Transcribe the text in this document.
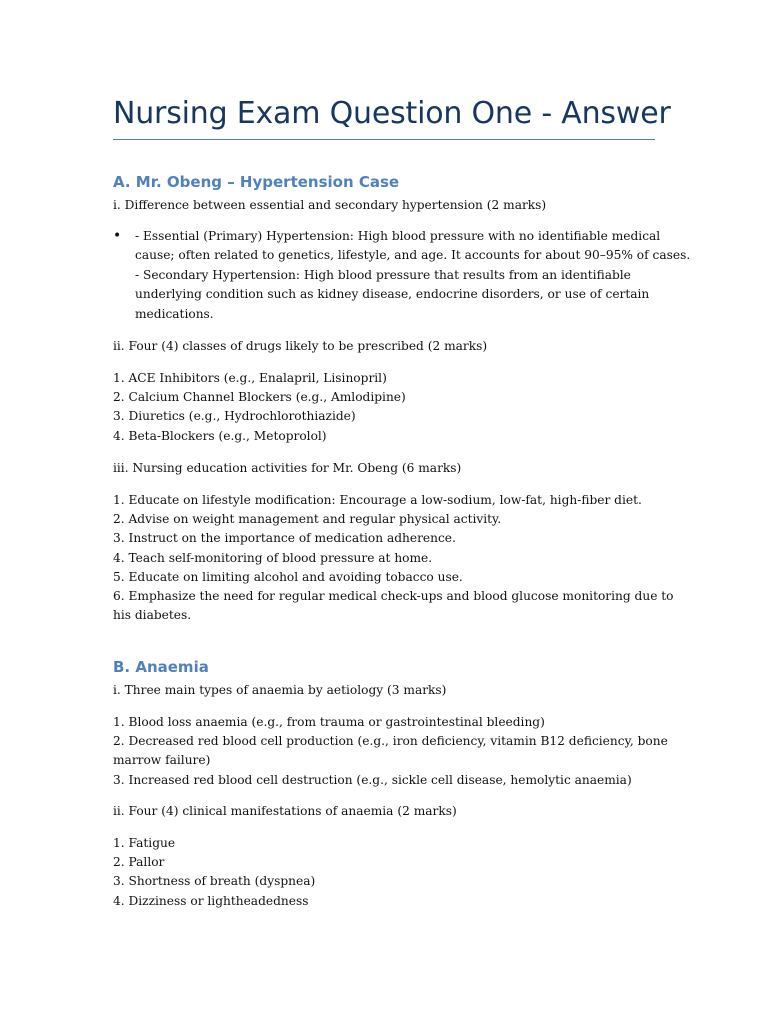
Nursing Exam Question One - Answer
A. Mr. Obeng – Hypertension Case
i. Difference between essential and secondary hypertension (2 marks)
• - Essential (Primary) Hypertension: High blood pressure with no identifiable medical
cause; often related to genetics, lifestyle, and age. It accounts for about 90–95% of cases.
- Secondary Hypertension: High blood pressure that results from an identifiable
underlying condition such as kidney disease, endocrine disorders, or use of certain
medications.
ii. Four (4) classes of drugs likely to be prescribed (2 marks)
1. ACE Inhibitors (e.g., Enalapril, Lisinopril)
2. Calcium Channel Blockers (e.g., Amlodipine)
3. Diuretics (e.g., Hydrochlorothiazide)
4. Beta-Blockers (e.g., Metoprolol)
iii. Nursing education activities for Mr. Obeng (6 marks)
1. Educate on lifestyle modification: Encourage a low-sodium, low-fat, high-fiber diet.
2. Advise on weight management and regular physical activity.
3. Instruct on the importance of medication adherence.
4. Teach self-monitoring of blood pressure at home.
5. Educate on limiting alcohol and avoiding tobacco use.
6. Emphasize the need for regular medical check-ups and blood glucose monitoring due to
his diabetes.
B. Anaemia
i. Three main types of anaemia by aetiology (3 marks)
1. Blood loss anaemia (e.g., from trauma or gastrointestinal bleeding)
2. Decreased red blood cell production (e.g., iron deficiency, vitamin B12 deficiency, bone
marrow failure)
3. Increased red blood cell destruction (e.g., sickle cell disease, hemolytic anaemia)
ii. Four (4) clinical manifestations of anaemia (2 marks)
1. Fatigue
2. Pallor
3. Shortness of breath (dyspnea)
4. Dizziness or lightheadedness
